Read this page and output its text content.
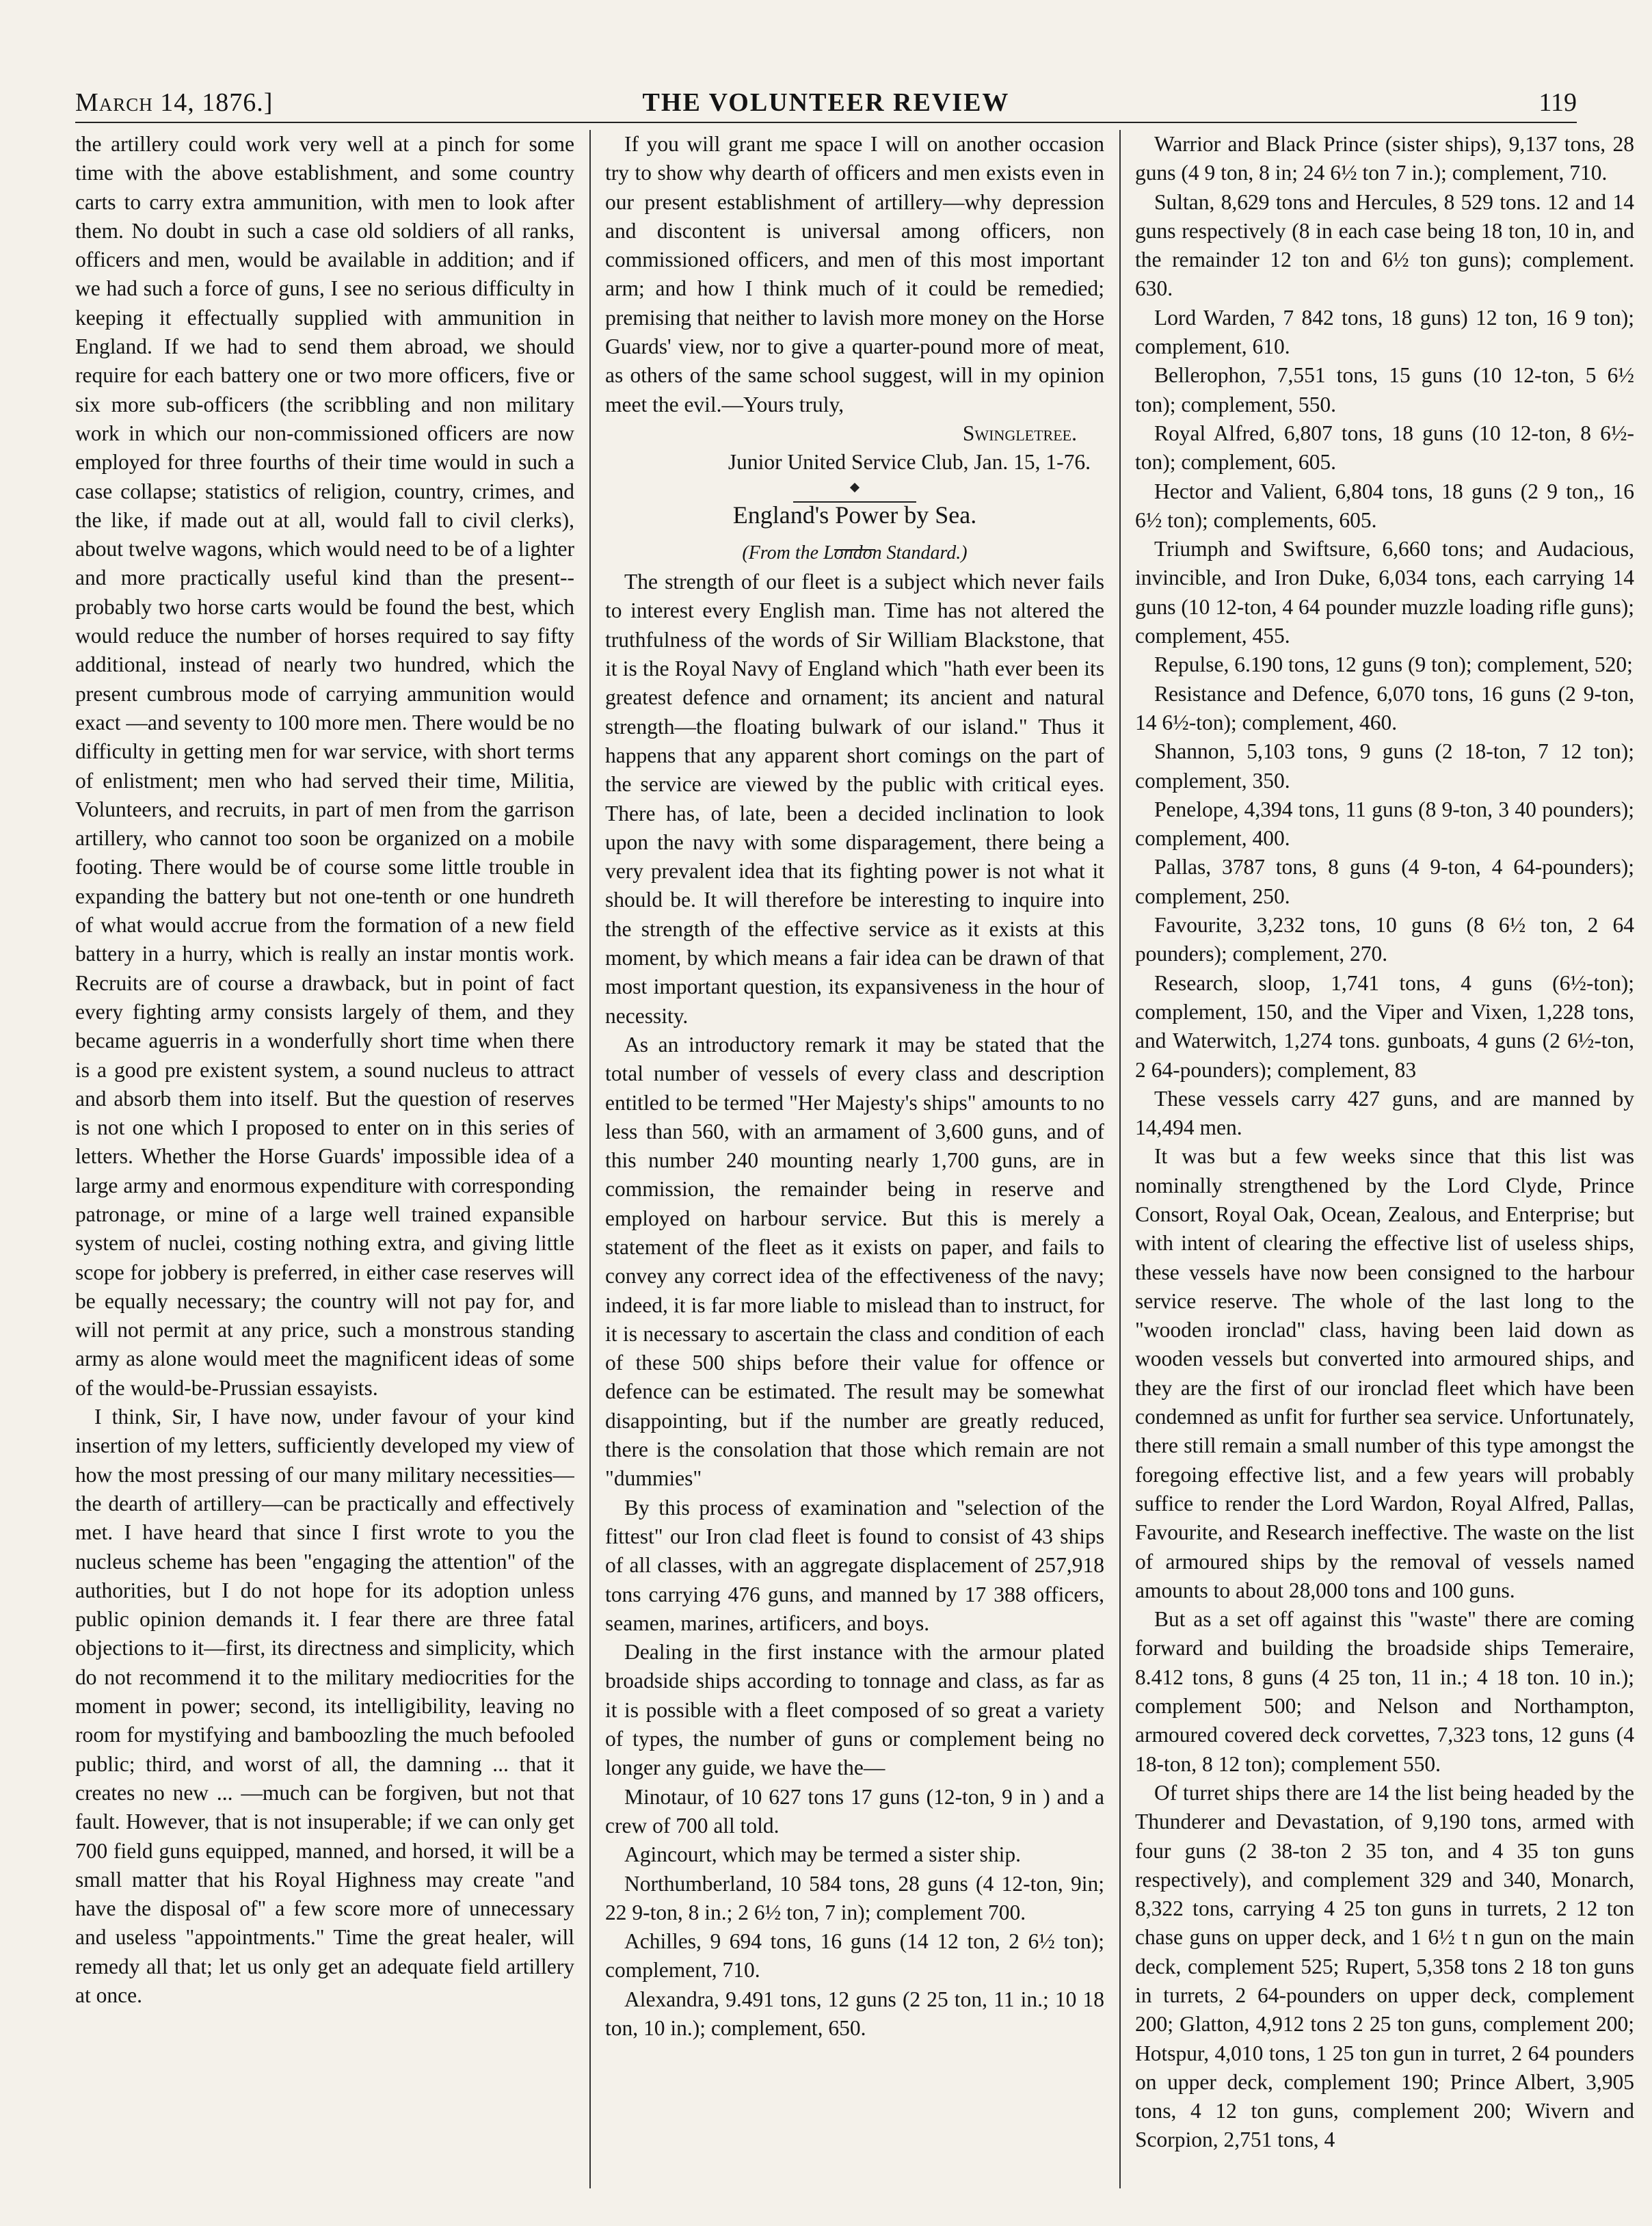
March 14, 1876.]	THE VOLUNTEER REVIEW	119

the artillery could work very well at a pinch for some time with the above establishment, and some country carts to carry extra ammunition, with men to look after them. No doubt in such a case old soldiers of all ranks, officers and men, would be available in addition; and if we had such a force of guns, I see no serious difficulty in keeping it effectually supplied with ammunition in England. If we had to send them abroad, we should require for each battery one or two more officers, five or six more sub-officers (the scribbling and non military work in which our non-commissioned officers are now employed for three fourths of their time would in such a case collapse; statistics of religion, country, crimes, and the like, if made out at all, would fall to civil clerks), about twelve wagons, which would need to be of a lighter and more practically useful kind than the present--probably two horse carts would be found the best, which would reduce the number of horses required to say fifty additional, instead of nearly two hundred, which the present cumbrous mode of carrying ammunition would exact —and seventy to 100 more men. There would be no difficulty in getting men for war service, with short terms of enlistment; men who had served their time, Militia, Volunteers, and recruits, in part of men from the garrison artillery, who cannot too soon be organized on a mobile footing. There would be of course some little trouble in expanding the battery but not one-tenth or one hundreth of what would accrue from the formation of a new field battery in a hurry, which is really an instar montis work. Recruits are of course a drawback, but in point of fact every fighting army consists largely of them, and they became aguerris in a wonderfully short time when there is a good pre existent system, a sound nucleus to attract and absorb them into itself. But the question of reserves is not one which I proposed to enter on in this series of letters. Whether the Horse Guards' impossible idea of a large army and enormous expenditure with corresponding patronage, or mine of a large well trained expansible system of nuclei, costing nothing extra, and giving little scope for jobbery is preferred, in either case reserves will be equally necessary; the country will not pay for, and will not permit at any price, such a monstrous standing army as alone would meet the magnificent ideas of some of the would-be-Prussian essayists.

I think, Sir, I have now, under favour of your kind insertion of my letters, sufficiently developed my view of how the most pressing of our many military necessities—the dearth of artillery—can be practically and effectively met. I have heard that since I first wrote to you the nucleus scheme has been "engaging the attention" of the authorities, but I do not hope for its adoption unless public opinion demands it. I fear there are three fatal objections to it—first, its directness and simplicity, which do not recommend it to the military mediocrities for the moment in power; second, its intelligibility, leaving no room for mystifying and bamboozling the much befooled public; third, and worst of all, the damning ... that it creates no new ... —much can be forgiven, but not that fault. However, that is not insuperable; if we can only get 700 field guns equipped, manned, and horsed, it will be a small matter that his Royal Highness may create "and have the disposal of" a few score more of unnecessary and useless "appointments." Time the great healer, will remedy all that; let us only get an adequate field artillery at once.

If you will grant me space I will on another occasion try to show why dearth of officers and men exists even in our present establishment of artillery—why depression and discontent is universal among officers, non commissioned officers, and men of this most important arm; and how I think much of it could be remedied; premising that neither to lavish more money on the Horse Guards' view, nor to give a quarter-pound more of meat, as others of the same school suggest, will in my opinion meet the evil.—Yours truly,

Swingletree.

Junior United Service Club, Jan. 15, 1-76.

England's Power by Sea.

(From the London Standard.)

The strength of our fleet is a subject which never fails to interest every English man. Time has not altered the truthfulness of the words of Sir William Blackstone, that it is the Royal Navy of England which "hath ever been its greatest defence and ornament; its ancient and natural strength—the floating bulwark of our island." Thus it happens that any apparent short comings on the part of the service are viewed by the public with critical eyes. There has, of late, been a decided inclination to look upon the navy with some disparagement, there being a very prevalent idea that its fighting power is not what it should be. It will therefore be interesting to inquire into the strength of the effective service as it exists at this moment, by which means a fair idea can be drawn of that most important question, its expansiveness in the hour of necessity.

As an introductory remark it may be stated that the total number of vessels of every class and description entitled to be termed "Her Majesty's ships" amounts to no less than 560, with an armament of 3,600 guns, and of this number 240 mounting nearly 1,700 guns, are in commission, the remainder being in reserve and employed on harbour service. But this is merely a statement of the fleet as it exists on paper, and fails to convey any correct idea of the effectiveness of the navy; indeed, it is far more liable to mislead than to instruct, for it is necessary to ascertain the class and condition of each of these 500 ships before their value for offence or defence can be estimated. The result may be somewhat disappointing, but if the number are greatly reduced, there is the consolation that those which remain are not "dummies"

By this process of examination and "selection of the fittest" our Iron clad fleet is found to consist of 43 ships of all classes, with an aggregate displacement of 257,918 tons carrying 476 guns, and manned by 17 388 officers, seamen, marines, artificers, and boys.

Dealing in the first instance with the armour plated broadside ships according to tonnage and class, as far as it is possible with a fleet composed of so great a variety of types, the number of guns or complement being no longer any guide, we have the—

Minotaur, of 10 627 tons 17 guns (12-ton, 9 in ) and a crew of 700 all told.

Agincourt, which may be termed a sister ship.

Northumberland, 10 584 tons, 28 guns (4 12-ton, 9in; 22 9-ton, 8 in.; 2 6½ ton, 7 in); complement 700.

Achilles, 9 694 tons, 16 guns (14 12 ton, 2 6½ ton); complement, 710.

Alexandra, 9.491 tons, 12 guns (2 25 ton, 11 in.; 10 18 ton, 10 in.); complement, 650.

Warrior and Black Prince (sister ships), 9,137 tons, 28 guns (4 9 ton, 8 in; 24 6½ ton 7 in.); complement, 710.

Sultan, 8,629 tons and Hercules, 8 529 tons. 12 and 14 guns respectively (8 in each case being 18 ton, 10 in, and the remainder 12 ton and 6½ ton guns); complement. 630.

Lord Warden, 7 842 tons, 18 guns) 12 ton, 16 9 ton); complement, 610.

Bellerophon, 7,551 tons, 15 guns (10 12-ton, 5 6½ ton); complement, 550.

Royal Alfred, 6,807 tons, 18 guns (10 12-ton, 8 6½-ton); complement, 605.

Hector and Valient, 6,804 tons, 18 guns (2 9 ton,, 16 6½ ton); complements, 605.

Triumph and Swiftsure, 6,660 tons; and Audacious, invincible, and Iron Duke, 6,034 tons, each carrying 14 guns (10 12-ton, 4 64 pounder muzzle loading rifle guns); complement, 455.

Repulse, 6.190 tons, 12 guns (9 ton); complement, 520;

Resistance and Defence, 6,070 tons, 16 guns (2 9-ton, 14 6½-ton); complement, 460.

Shannon, 5,103 tons, 9 guns (2 18-ton, 7 12 ton); complement, 350.

Penelope, 4,394 tons, 11 guns (8 9-ton, 3 40 pounders); complement, 400.

Pallas, 3787 tons, 8 guns (4 9-ton, 4 64-pounders); complement, 250.

Favourite, 3,232 tons, 10 guns (8 6½ ton, 2 64 pounders); complement, 270.

Research, sloop, 1,741 tons, 4 guns (6½-ton); complement, 150, and the Viper and Vixen, 1,228 tons, and Waterwitch, 1,274 tons. gunboats, 4 guns (2 6½-ton, 2 64-pounders); complement, 83

These vessels carry 427 guns, and are manned by 14,494 men.

It was but a few weeks since that this list was nominally strengthened by the Lord Clyde, Prince Consort, Royal Oak, Ocean, Zealous, and Enterprise; but with intent of clearing the effective list of useless ships, these vessels have now been consigned to the harbour service reserve. The whole of the last long to the "wooden ironclad" class, having been laid down as wooden vessels but converted into armoured ships, and they are the first of our ironclad fleet which have been condemned as unfit for further sea service. Unfortunately, there still remain a small number of this type amongst the foregoing effective list, and a few years will probably suffice to render the Lord Wardon, Royal Alfred, Pallas, Favourite, and Research ineffective. The waste on the list of armoured ships by the removal of vessels named amounts to about 28,000 tons and 100 guns.

But as a set off against this "waste" there are coming forward and building the broadside ships Temeraire, 8.412 tons, 8 guns (4 25 ton, 11 in.; 4 18 ton. 10 in.); complement 500; and Nelson and Northampton, armoured covered deck corvettes, 7,323 tons, 12 guns (4 18-ton, 8 12 ton); complement 550.

Of turret ships there are 14 the list being headed by the Thunderer and Devastation, of 9,190 tons, armed with four guns (2 38-ton 2 35 ton, and 4 35 ton guns respectively), and complement 329 and 340, Monarch, 8,322 tons, carrying 4 25 ton guns in turrets, 2 12 ton chase guns on upper deck, and 1 6½ t n gun on the main deck, complement 525; Rupert, 5,358 tons 2 18 ton guns in turrets, 2 64-pounders on upper deck, complement 200; Glatton, 4,912 tons 2 25 ton guns, complement 200; Hotspur, 4,010 tons, 1 25 ton gun in turret, 2 64 pounders on upper deck, complement 190; Prince Albert, 3,905 tons, 4 12 ton guns, complement 200; Wivern and Scorpion, 2,751 tons, 4
